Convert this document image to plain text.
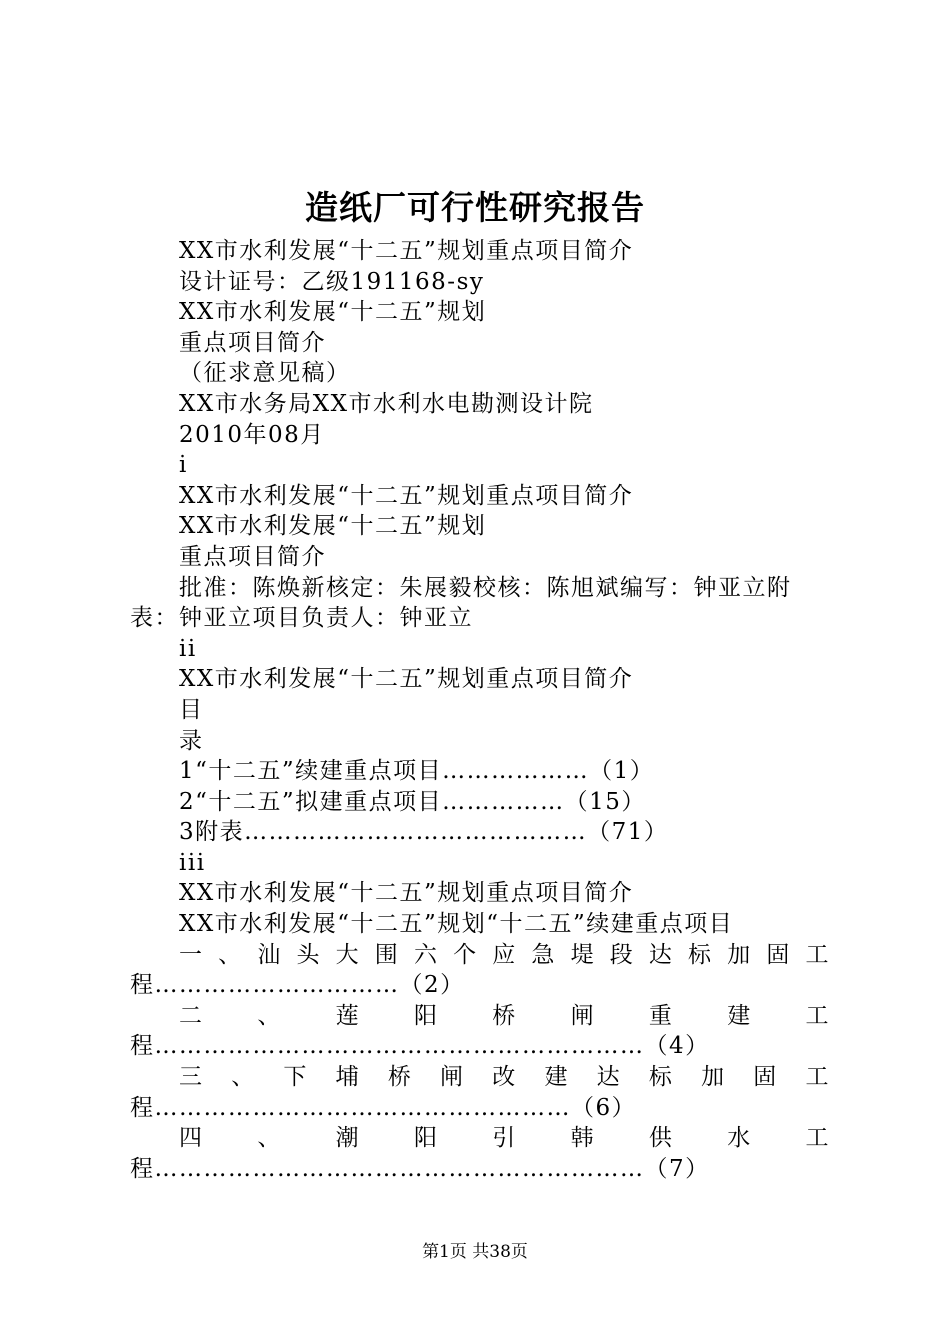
造纸厂可行性研究报告

XX市水利发展“十二五”规划重点项目简介

设计证号：乙级191168-sy

XX市水利发展“十二五”规划

重点项目简介

（征求意见稿）

XX市水务局XX市水利水电勘测设计院

2010年08月

i

XX市水利发展“十二五”规划重点项目简介

XX市水利发展“十二五”规划

重点项目简介

批准：陈焕新核定：朱展毅校核：陈旭斌编写：钟亚立附表：钟亚立项目负责人：钟亚立

ii

XX市水利发展“十二五”规划重点项目简介

目

录

1“十二五”续建重点项目………………（1）

2“十二五”拟建重点项目……………（15）

3附表……………………………………（71）

iii

XX市水利发展“十二五”规划重点项目简介

XX市水利发展“十二五”规划“十二五”续建重点项目

一、汕头大围六个应急堤段达标加固工程…………………………（2）

二、莲阳桥闸重建工程……………………………………………………（4）

三、下埔桥闸改建达标加固工程……………………………………………（6）

四、潮阳引韩供水工程……………………………………………………（7）

第1页 共38页
